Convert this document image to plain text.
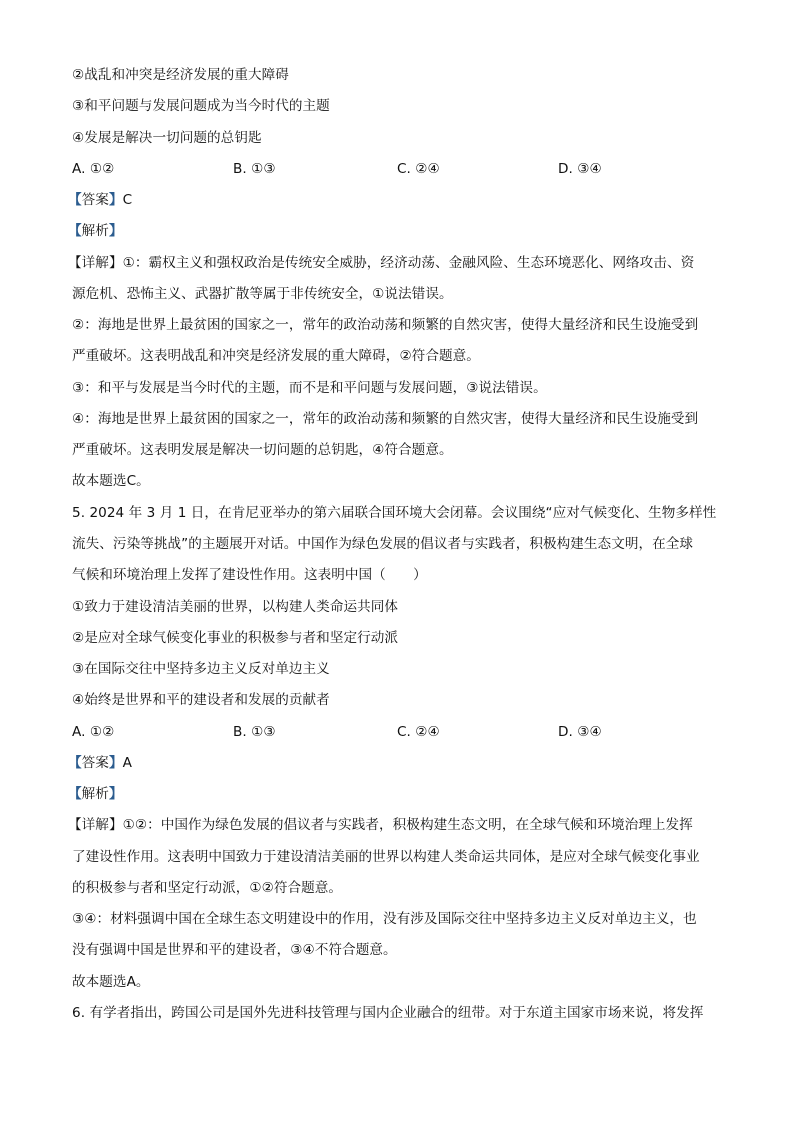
②战乱和冲突是经济发展的重大障碍
③和平问题与发展问题成为当今时代的主题
④发展是解决一切问题的总钥匙
A. ①②	B. ①③	C. ②④	D. ③④
【答案】C
【解析】
【详解】①：霸权主义和强权政治是传统安全威胁，经济动荡、金融风险、生态环境恶化、网络攻击、资
源危机、恐怖主义、武器扩散等属于非传统安全，①说法错误。
②：海地是世界上最贫困的国家之一，常年的政治动荡和频繁的自然灾害，使得大量经济和民生设施受到
严重破坏。这表明战乱和冲突是经济发展的重大障碍，②符合题意。
③：和平与发展是当今时代的主题，而不是和平问题与发展问题，③说法错误。
④：海地是世界上最贫困的国家之一，常年的政治动荡和频繁的自然灾害，使得大量经济和民生设施受到
严重破坏。这表明发展是解决一切问题的总钥匙，④符合题意。
故本题选C。
5. 2024 年 3 月 1 日，在肯尼亚举办的第六届联合国环境大会闭幕。会议围绕“应对气候变化、生物多样性
流失、污染等挑战”的主题展开对话。中国作为绿色发展的倡议者与实践者，积极构建生态文明，在全球
气候和环境治理上发挥了建设性作用。这表明中国（　　）
①致力于建设清洁美丽的世界，以构建人类命运共同体
②是应对全球气候变化事业的积极参与者和坚定行动派
③在国际交往中坚持多边主义反对单边主义
④始终是世界和平的建设者和发展的贡献者
A. ①②	B. ①③	C. ②④	D. ③④
【答案】A
【解析】
【详解】①②：中国作为绿色发展的倡议者与实践者，积极构建生态文明，在全球气候和环境治理上发挥
了建设性作用。这表明中国致力于建设清洁美丽的世界以构建人类命运共同体，是应对全球气候变化事业
的积极参与者和坚定行动派，①②符合题意。
③④：材料强调中国在全球生态文明建设中的作用，没有涉及国际交往中坚持多边主义反对单边主义，也
没有强调中国是世界和平的建设者，③④不符合题意。
故本题选A。
6. 有学者指出，跨国公司是国外先进科技管理与国内企业融合的纽带。对于东道主国家市场来说，将发挥
